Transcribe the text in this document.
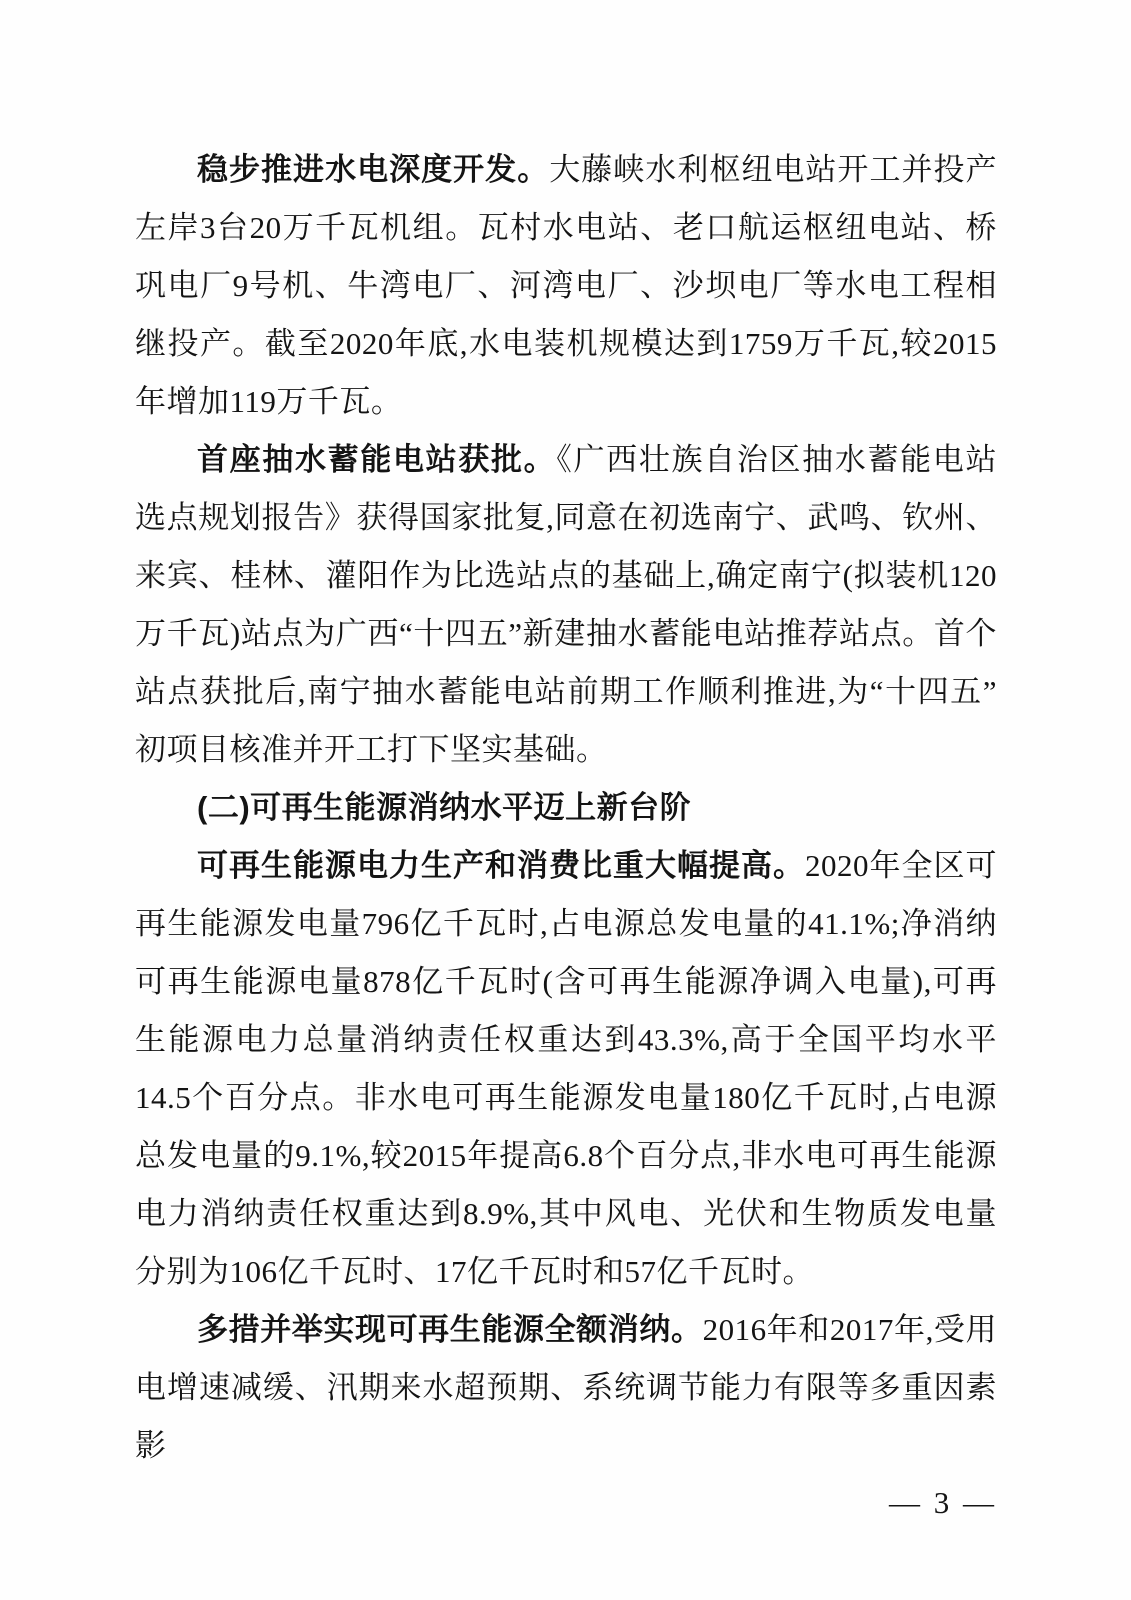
稳步推进水电深度开发。大藤峡水利枢纽电站开工并投产左岸3台20万千瓦机组。瓦村水电站、老口航运枢纽电站、桥巩电厂9号机、牛湾电厂、河湾电厂、沙坝电厂等水电工程相继投产。截至2020年底,水电装机规模达到1759万千瓦,较2015年增加119万千瓦。

首座抽水蓄能电站获批。《广西壮族自治区抽水蓄能电站选点规划报告》获得国家批复,同意在初选南宁、武鸣、钦州、来宾、桂林、灌阳作为比选站点的基础上,确定南宁(拟装机120万千瓦)站点为广西“十四五”新建抽水蓄能电站推荐站点。首个站点获批后,南宁抽水蓄能电站前期工作顺利推进,为“十四五”初项目核准并开工打下坚实基础。

(二)可再生能源消纳水平迈上新台阶

可再生能源电力生产和消费比重大幅提高。2020年全区可再生能源发电量796亿千瓦时,占电源总发电量的41.1%;净消纳可再生能源电量878亿千瓦时(含可再生能源净调入电量),可再生能源电力总量消纳责任权重达到43.3%,高于全国平均水平14.5个百分点。非水电可再生能源发电量180亿千瓦时,占电源总发电量的9.1%,较2015年提高6.8个百分点,非水电可再生能源电力消纳责任权重达到8.9%,其中风电、光伏和生物质发电量分别为106亿千瓦时、17亿千瓦时和57亿千瓦时。

多措并举实现可再生能源全额消纳。2016年和2017年,受用电增速减缓、汛期来水超预期、系统调节能力有限等多重因素影

— 3 —
